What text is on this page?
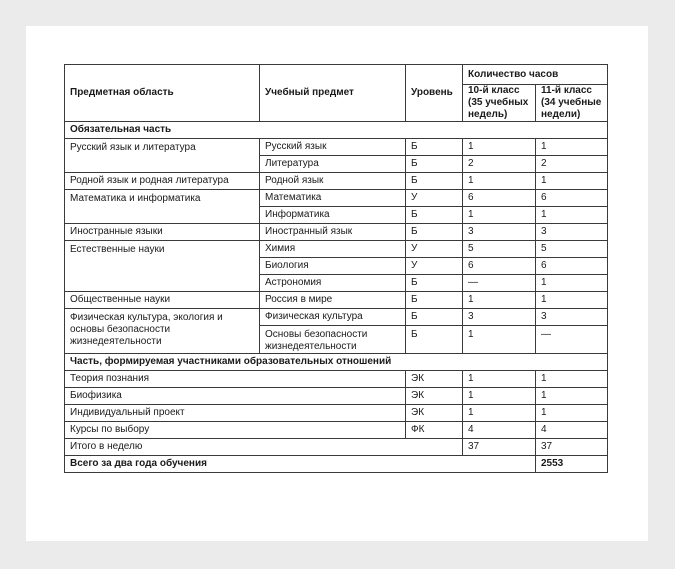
Предметная область	Учебный предмет	Уровень	Количество часов	
			10-й класс (35 учебных недель)	11-й класс (34 учебные недели)
Обязательная часть				
Русский язык и литература	Русский язык	Б	1	1
	Литература	Б	2	2
Родной язык и родная литература	Родной язык	Б	1	1
Математика и информатика	Математика	У	6	6
	Информатика	Б	1	1
Иностранные языки	Иностранный язык	Б	3	3
Естественные науки	Химия	У	5	5
	Биология	У	6	6
	Астрономия	Б	—	1
Общественные науки	Россия в мире	Б	1	1
Физическая культура, экология и основы безопасности жизнедеятельности	Физическая культура	Б	3	3
	Основы безопасности жизнедеятельности	Б	1	—
Часть, формируемая участниками образовательных отношений				
Теория познания		ЭК	1	1
Биофизика		ЭК	1	1
Индивидуальный проект		ЭК	1	1
Курсы по выбору		ФК	4	4
Итого в неделю			37	37
Всего за два года обучения				2553
